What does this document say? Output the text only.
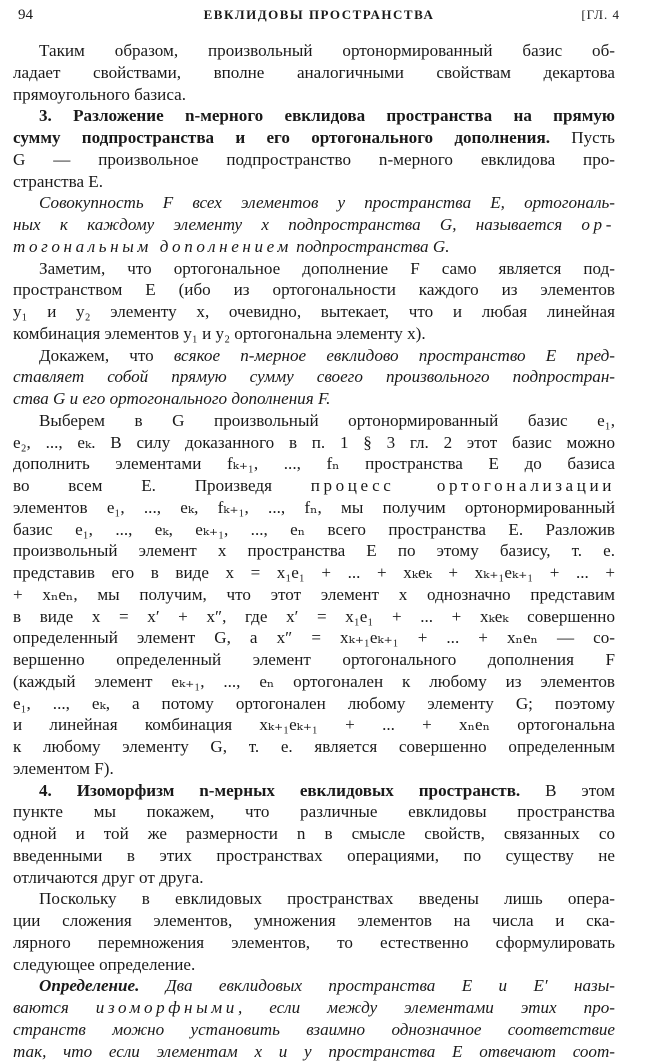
94	ЕВКЛИДОВЫ ПРОСТРАНСТВА	[ГЛ. 4
Таким образом, произвольный ортонормированный базис об-
ладает свойствами, вполне аналогичными свойствам декартова
прямоугольного базиса.
3. Разложение n-мерного евклидова пространства на прямую
сумму подпространства и его ортогонального дополнения. Пусть
G — произвольное подпространство n-мерного евклидова про-
странства E.
Совокупность F всех элементов y пространства E, ортогональ-
ных к каждому элементу x подпространства G, называется ор-
тогональным дополнением подпространства G.
Заметим, что ортогональное дополнение F само является под-
пространством E (ибо из ортогональности каждого из элементов
y₁ и y₂ элементу x, очевидно, вытекает, что и любая линейная
комбинация элементов y₁ и y₂ ортогональна элементу x).
Докажем, что всякое n-мерное евклидово пространство E пред-
ставляет собой прямую сумму своего произвольного подпростран-
ства G и его ортогонального дополнения F.
Выберем в G произвольный ортонормированный базис e₁,
e₂, ..., eₖ. В силу доказанного в п. 1 § 3 гл. 2 этот базис можно
дополнить элементами fₖ₊₁, ..., fₙ пространства E до базиса
во всем E. Произведя процесс ортогонализации
элементов e₁, ..., eₖ, fₖ₊₁, ..., fₙ, мы получим ортонормированный
базис e₁, ..., eₖ, eₖ₊₁, ..., eₙ всего пространства E. Разложив
произвольный элемент x пространства E по этому базису, т. е.
представив его в виде x = x₁e₁ + ... + xₖeₖ + xₖ₊₁eₖ₊₁ + ... +
+ xₙeₙ, мы получим, что этот элемент x однозначно представим
в виде x = x′ + x″, где x′ = x₁e₁ + ... + xₖeₖ совершенно
определенный элемент G, а x″ = xₖ₊₁eₖ₊₁ + ... + xₙeₙ — со-
вершенно определенный элемент ортогонального дополнения F
(каждый элемент eₖ₊₁, ..., eₙ ортогонален к любому из элементов
e₁, ..., eₖ, а потому ортогонален любому элементу G; поэтому
и линейная комбинация xₖ₊₁eₖ₊₁ + ... + xₙeₙ ортогональна
к любому элементу G, т. е. является совершенно определенным
элементом F).
4. Изоморфизм n-мерных евклидовых пространств. В этом
пункте мы покажем, что различные евклидовы пространства
одной и той же размерности n в смысле свойств, связанных со
введенными в этих пространствах операциями, по существу не
отличаются друг от друга.
Поскольку в евклидовых пространствах введены лишь опера-
ции сложения элементов, умножения элементов на числа и ска-
лярного перемножения элементов, то естественно сформулировать
следующее определение.
Определение. Два евклидовых пространства E и E′ назы-
ваются изоморфными, если между элементами этих про-
странств можно установить взаимно однозначное соответствие
так, что если элементам x и y пространства E отвечают соот-
